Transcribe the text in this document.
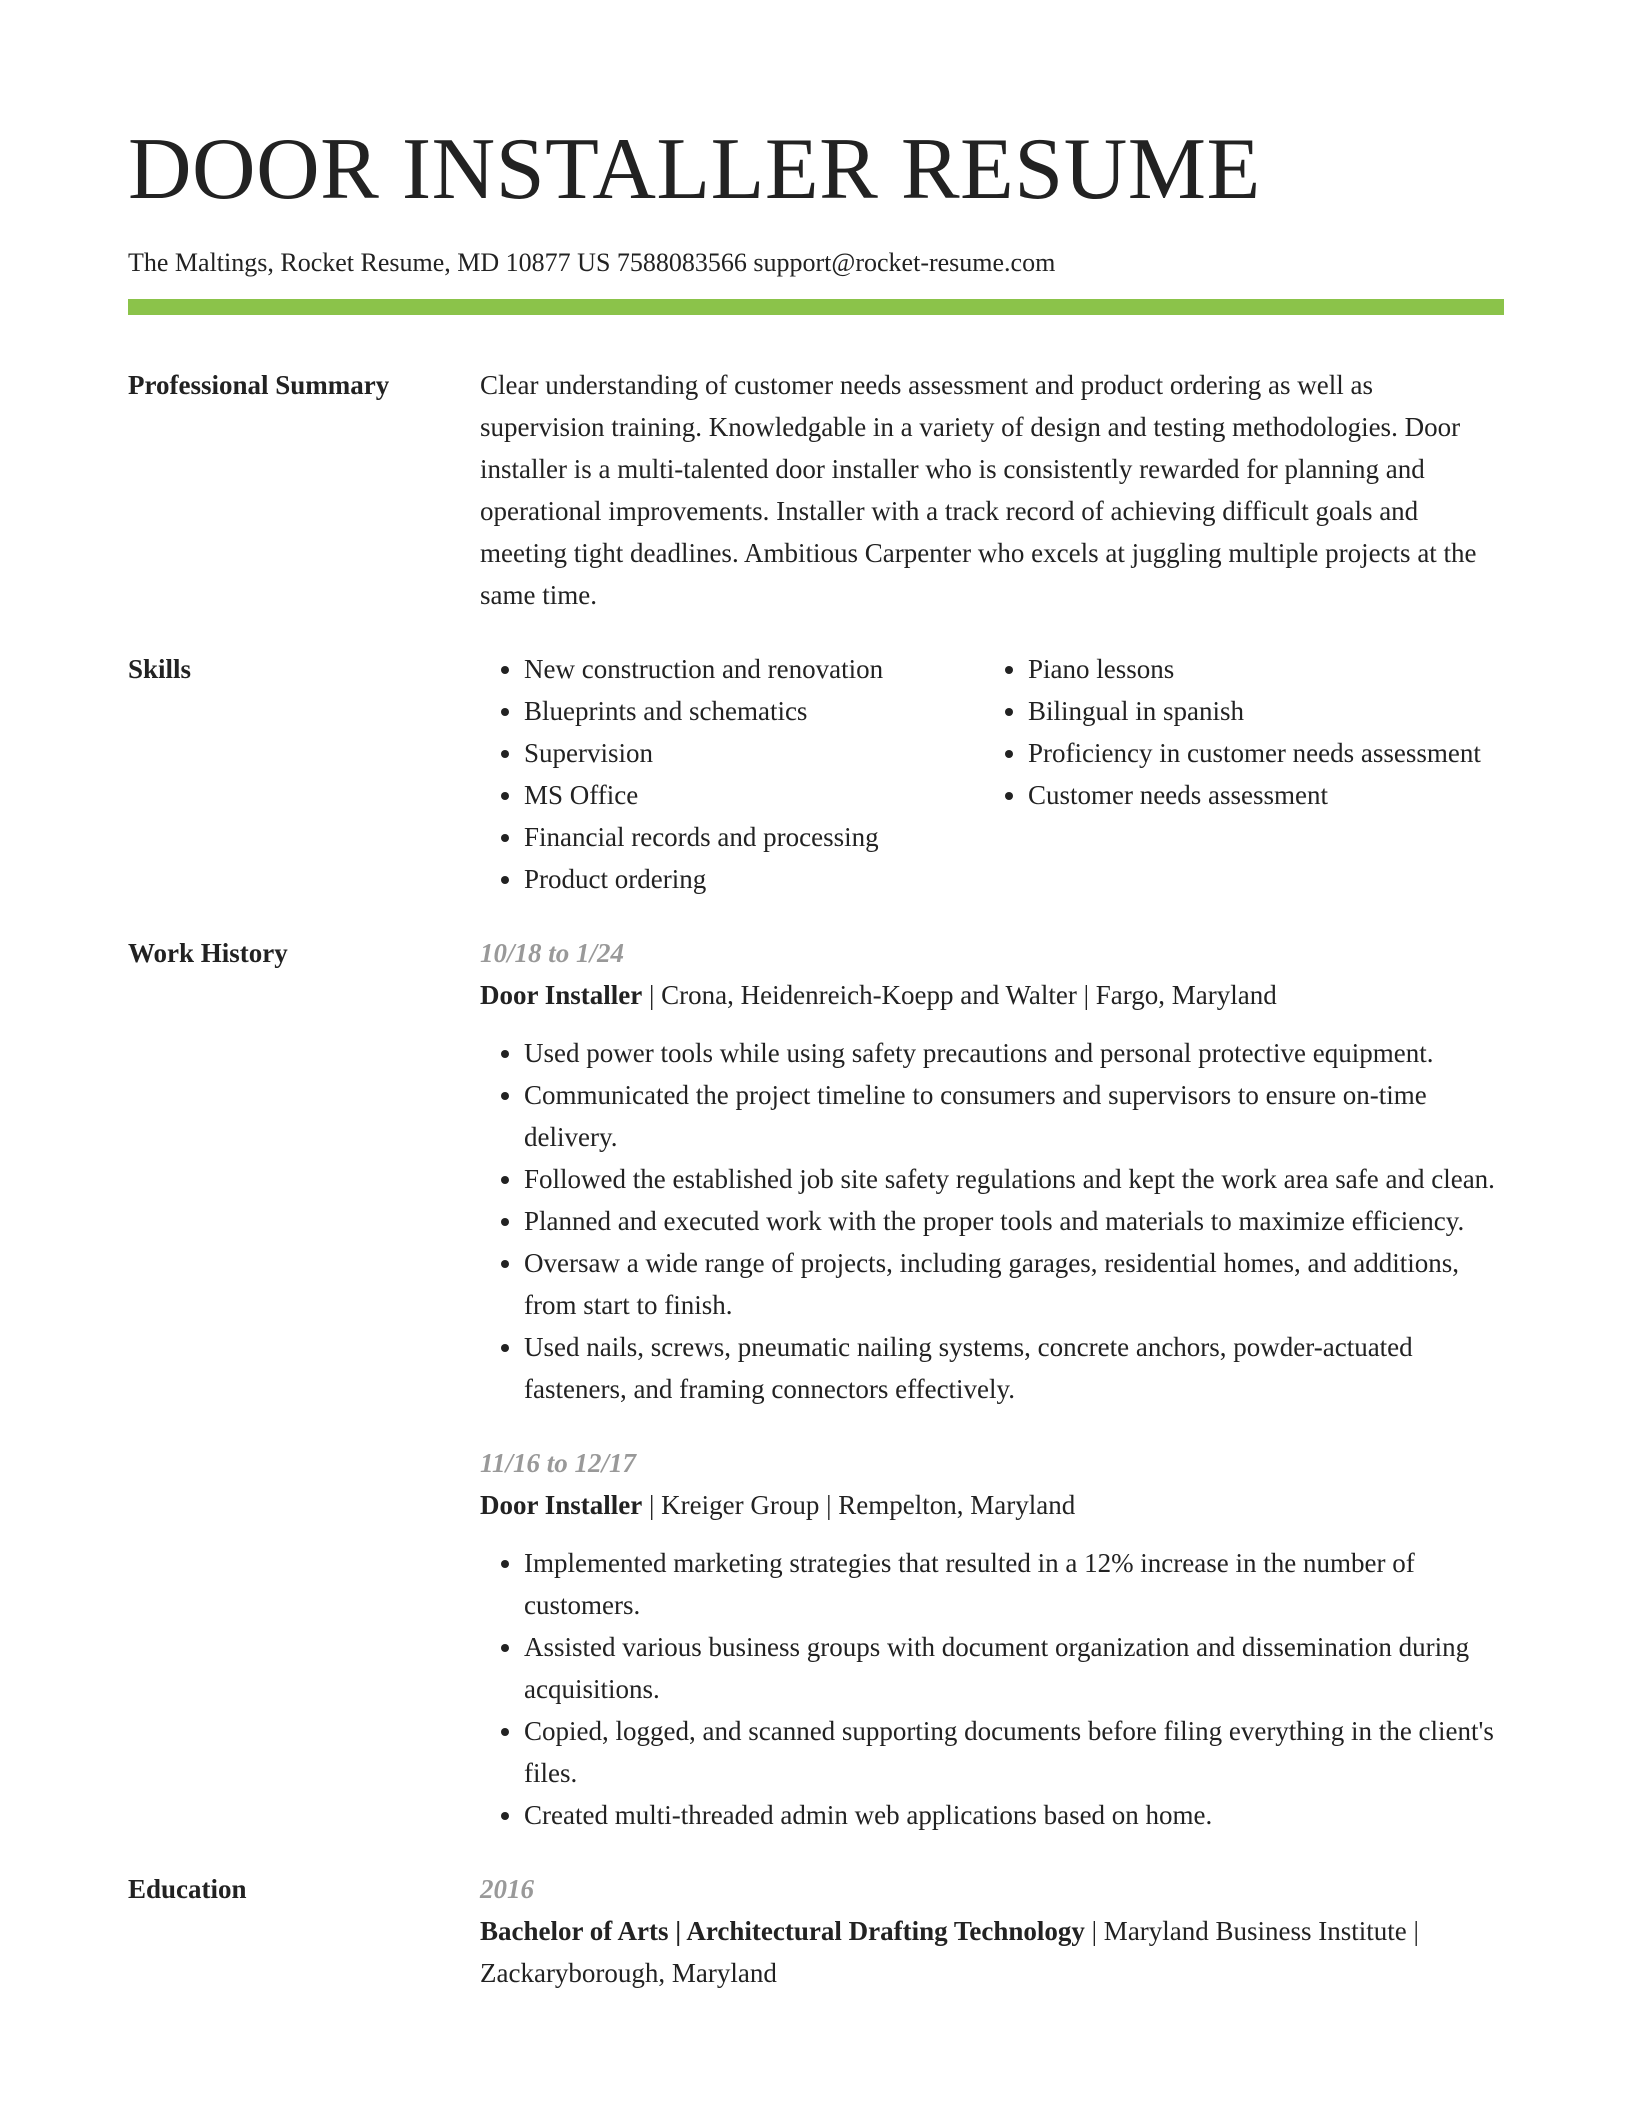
DOOR INSTALLER RESUME
The Maltings, Rocket Resume, MD 10877 US 7588083566 support@rocket-resume.com
Professional Summary	Clear understanding of customer needs assessment and product ordering as well as supervision training. Knowledgable in a variety of design and testing methodologies. Door installer is a multi-talented door installer who is consistently rewarded for planning and operational improvements. Installer with a track record of achieving difficult goals and meeting tight deadlines. Ambitious Carpenter who excels at juggling multiple projects at the same time.
Skills
•	New construction and renovation
• Blueprints and schematics
• Supervision
• MS Office
• Financial records and processing
• Product ordering
• Piano lessons
• Bilingual in spanish
• Proficiency in customer needs assessment
• Customer needs assessment
Work History	10/18 to 1/24
Door Installer | Crona, Heidenreich-Koepp and Walter | Fargo, Maryland
• Used power tools while using safety precautions and personal protective equipment.
• Communicated the project timeline to consumers and supervisors to ensure on-time delivery.
• Followed the established job site safety regulations and kept the work area safe and clean.
• Planned and executed work with the proper tools and materials to maximize efficiency.
• Oversaw a wide range of projects, including garages, residential homes, and additions, from start to finish.
• Used nails, screws, pneumatic nailing systems, concrete anchors, powder-actuated fasteners, and framing connectors effectively.
11/16 to 12/17
Door Installer | Kreiger Group | Rempelton, Maryland
• Implemented marketing strategies that resulted in a 12% increase in the number of customers.
• Assisted various business groups with document organization and dissemination during acquisitions.
• Copied, logged, and scanned supporting documents before filing everything in the client's files.
• Created multi-threaded admin web applications based on home.
Education	2016
Bachelor of Arts | Architectural Drafting Technology | Maryland Business Institute | Zackaryborough, Maryland
